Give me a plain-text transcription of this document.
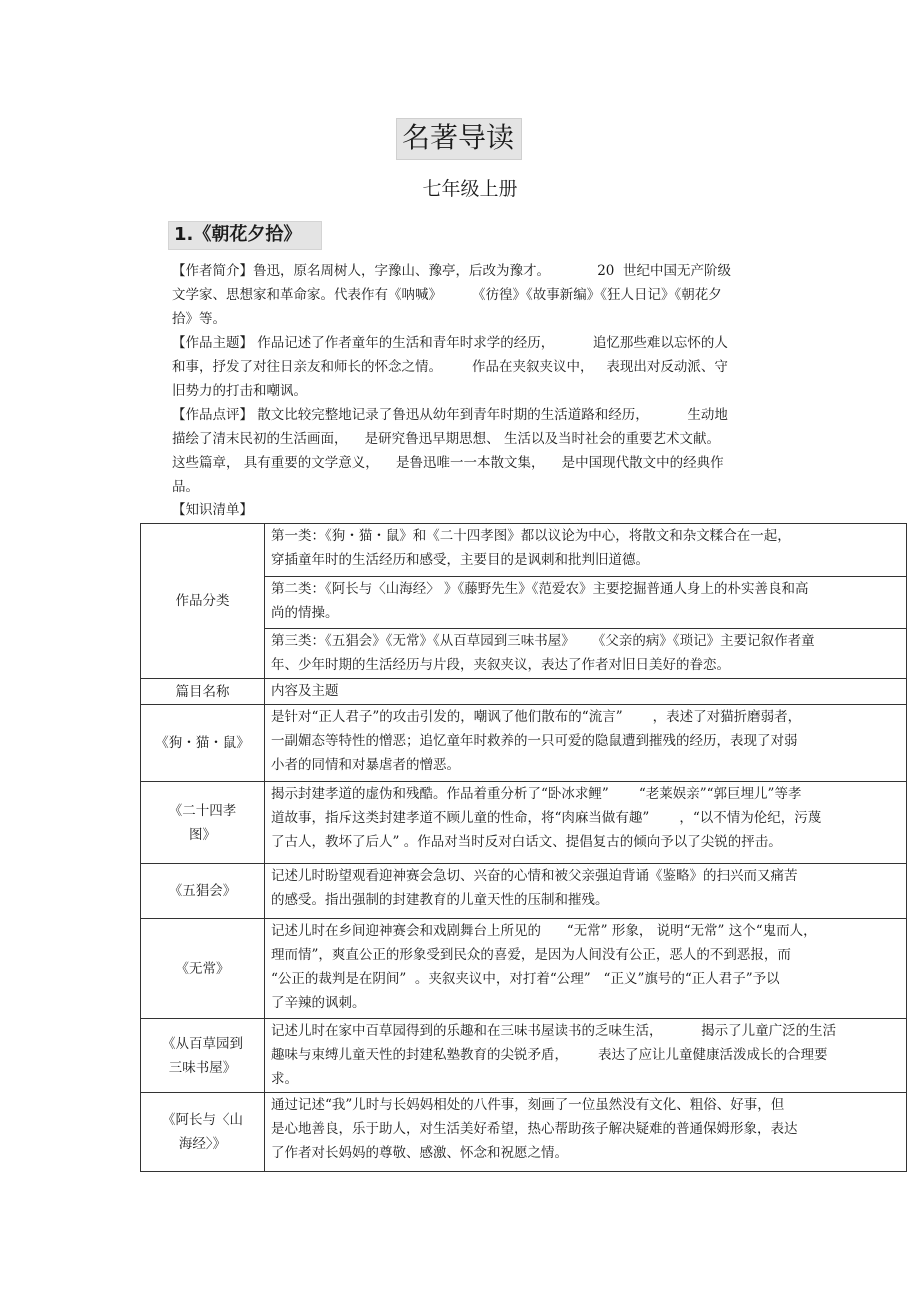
名著导读
七年级上册
1.《朝花夕拾》
【作者简介】鲁迅，原名周树人，字豫山、豫亭，后改为豫才。           20  世纪中国无产阶级
文学家、思想家和革命家。代表作有《呐喊》       《彷徨》《故事新编》《狂人日记》《朝花夕
拾》等。
【作品主题】 作品记述了作者童年的生活和青年时求学的经历，         追忆那些难以忘怀的人
和事，抒发了对往日亲友和师长的怀念之情。       作品在夹叙夹议中，   表现出对反动派、守
旧势力的打击和嘲讽。
【作品点评】 散文比较完整地记录了鲁迅从幼年到青年时期的生活道路和经历，         生动地
描绘了清末民初的生活画面，    是研究鲁迅早期思想、 生活以及当时社会的重要艺术文献。
这些篇章， 具有重要的文学意义，    是鲁迅唯一一本散文集，    是中国现代散文中的经典作
品。
【知识清单】
作品分类	第一类：《狗・猫・鼠》和《二十四孝图》都以议论为中心，将散文和杂文糅合在一起，
穿插童年时的生活经历和感受，主要目的是讽刺和批判旧道德。

	第二类：《阿长与〈山海经〉 》《藤野先生》《范爱农》主要挖掘普通人身上的朴实善良和高
尚的情操。

	第三类：《五猖会》《无常》《从百草园到三味书屋》    《父亲的病》《琐记》主要记叙作者童
年、少年时期的生活经历与片段，夹叙夹议，表达了作者对旧日美好的眷恋。

篇目名称	内容及主题

《狗・猫・鼠》	是针对“正人君子”的攻击引发的，嘲讽了他们散布的“流言”       ，表述了对猫折磨弱者，
一副媚态等特性的憎恶；追忆童年时救养的一只可爱的隐鼠遭到摧残的经历，表现了对弱
小者的同情和对暴虐者的憎恶。

《二十四孝
图》	揭示封建孝道的虚伪和残酷。作品着重分析了“卧冰求鲤”       “老莱娱亲”“郭巨埋儿”等孝
道故事，指斥这类封建孝道不顾儿童的性命，将“肉麻当做有趣”       ，“以不情为伦纪，污蔑
了古人，教坏了后人” 。作品对当时反对白话文、提倡复古的倾向予以了尖锐的抨击。

《五猖会》	记述儿时盼望观看迎神赛会急切、兴奋的心情和被父亲强迫背诵《鉴略》的扫兴而又痛苦
的感受。指出强制的封建教育的儿童天性的压制和摧残。

《无常》	记述儿时在乡间迎神赛会和戏剧舞台上所见的      “无常” 形象， 说明“无常” 这个“鬼而人，
理而情”，爽直公正的形象受到民众的喜爱，是因为人间没有公正，恶人的不到恶报，而
“公正的裁判是在阴间”  。夹叙夹议中，对打着“公理”   “正义”旗号的“正人君子”予以
了辛辣的讽刺。

《从百草园到
三味书屋》	记述儿时在家中百草园得到的乐趣和在三味书屋读书的乏味生活，         揭示了儿童广泛的生活
趣味与束缚儿童天性的封建私塾教育的尖锐矛盾，       表达了应让儿童健康活泼成长的合理要
求。

《阿长与〈山
海经〉》	通过记述“我”儿时与长妈妈相处的八件事，刻画了一位虽然没有文化、粗俗、好事，但
是心地善良，乐于助人，对生活美好希望，热心帮助孩子解决疑难的普通保姆形象，表达
了作者对长妈妈的尊敬、感激、怀念和祝愿之情。
